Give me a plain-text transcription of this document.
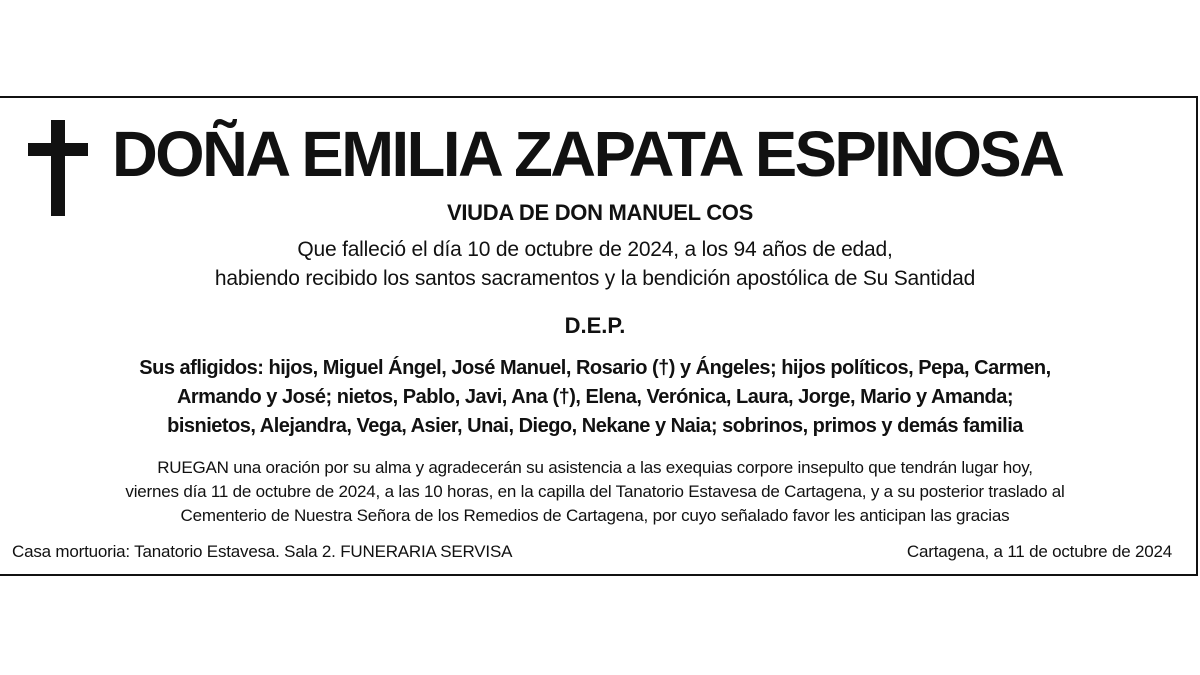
DOÑA EMILIA ZAPATA ESPINOSA
VIUDA DE DON MANUEL COS
Que falleció el día 10 de octubre de 2024, a los 94 años de edad,
habiendo recibido los santos sacramentos y la bendición apostólica de Su Santidad
D.E.P.
Sus afligidos: hijos, Miguel Ángel, José Manuel, Rosario (†) y Ángeles; hijos políticos, Pepa, Carmen,
Armando y José; nietos, Pablo, Javi, Ana (†), Elena, Verónica, Laura, Jorge, Mario y Amanda;
bisnietos, Alejandra, Vega, Asier, Unai, Diego, Nekane y Naia; sobrinos, primos y demás familia
RUEGAN una oración por su alma y agradecerán su asistencia a las exequias corpore insepulto que tendrán lugar hoy,
viernes día 11 de octubre de 2024, a las 10 horas, en la capilla del Tanatorio Estavesa de Cartagena, y a su posterior traslado al
Cementerio de Nuestra Señora de los Remedios de Cartagena, por cuyo señalado favor les anticipan las gracias
Casa mortuoria: Tanatorio Estavesa. Sala 2. FUNERARIA SERVISA	Cartagena, a 11 de octubre de 2024
